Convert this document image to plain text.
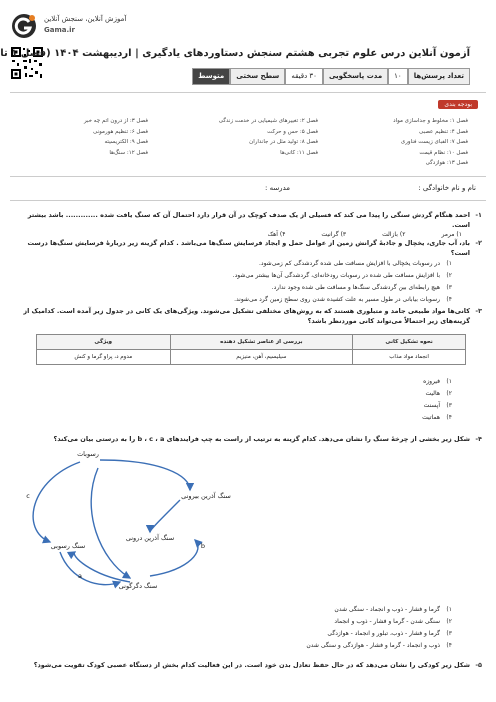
آموزش آنلاین، سنجش آنلاین
Gama.ir
آزمون آنلاین درس علوم تجربی هشتم سنجش دستاوردهای یادگیری | اردیبهشت ۱۴۰۴ (فصل ۱ تا
تعداد پرسش‌ها
۱۰
مدت پاسخگویی
۳۰ دقیقه
سطح سختی
متوسط
بودجه بندی
فصل ۱: مخلوط و جداسازی مواد
فصل ۴: تنظیم عصبی
فصل ۷: الفبای زیست فناوری
فصل ۱۰: نظام قیمت
فصل ۱۳: هوازدگی
فصل ۲: تغییرهای شیمیایی در خدمت زندگی
فصل ۵: حس و حرکت
فصل ۸: تولید مثل در جانداران
فصل ۱۱: کانی‌ها
فصل ۳: از درون اتم چه خبر
فصل ۶: تنظیم هورمونی
فصل ۹: الکتریسیته
فصل ۱۲: سنگ‌ها
نام و نام خانوادگی :
مدرسه :
۱-
احمد هنگام گردش سنگی را پیدا می کند که فسیلی از یک صدف کوچک در آن قرار دارد احتمال آن که سنگ یافت شده ............. باشد بیشتر است.
۱) مرمر
۲) بازالت
۳) گرانیت
۴) آهک
۲-
باد، آب جاری، یخچال و جاذبهٔ گرانش زمین از عوامل حمل و ایجاد فرسایش سنگ‌ها می‌باشد . کدام گزینه زیر دربارهٔ فرسایش سنگ‌ها درست است؟
۱)در رسوبات یخچالی با افزایش مسافت طی شده گردشدگی کم زمی‌شود.
۲)با افزایش مسافت طی شده در رسوبات رودخانه‌ای، گردشدگی آن‌ها بیشتر می‌شود.
۳)هیچ رابطه‌ای بین گردشدگی سنگ‌ها و مسافت طی شده وجود ندارد.
۴)رسوبات بیابانی در طول مسیر به علت کشیده شدن روی سطح زمین گرد می‌شوند.
۳-
کانی‌ها مواد طبیعی جامد و متبلوری هستند که به روش‌های مختلفی تشکیل می‌شوند. ویژگی‌های یک کانی در جدول زیر آمده است. کدامیک از گزینه‌های زیر احتمالاً می‌تواند کانی موردنظر باشد؟
نحوه تشکیل کانی	بررسی از عناصر تشکیل دهنده	ویژگی
انجماد مواد مذاب	سیلیسیم، آهن، منیزیم	مدوم د، پراو گرما و کنش
۱)فیروزه
۲)هالیت
۳)آپسنت
۴)هماتیت
۴-
شکل زیر بخشی از چرخهٔ سنگ را نشان می‌دهد. کدام گزینه به ترتیب از راست به چپ فرایندهای b ، c ، a را به درستی بیان می‌کند؟
رسوبات
سنگ آذرین بیرونی
سنگ آذرین درونی
سنگ رسوبی
سنگ دگرگونی
c
b
a
۱)گرما و فشار - ذوب و انجماد - سنگی شدن
۲)سنگی شدن - گرما و فشار - ذوب و انجماد
۳)گرما و فشار - ذوب، تبلور و انجماد - هوازدگی
۴)ذوب و انجماد - گرما و فشار - هوازدگی و سنگی شدن
۵-
شکل زیر کودکی را نشان می‌دهد که در حال حفظ تعادل بدن خود است. در این فعالیت کدام بخش از دستگاه عصبی کودک تقویت می‌شود؟
